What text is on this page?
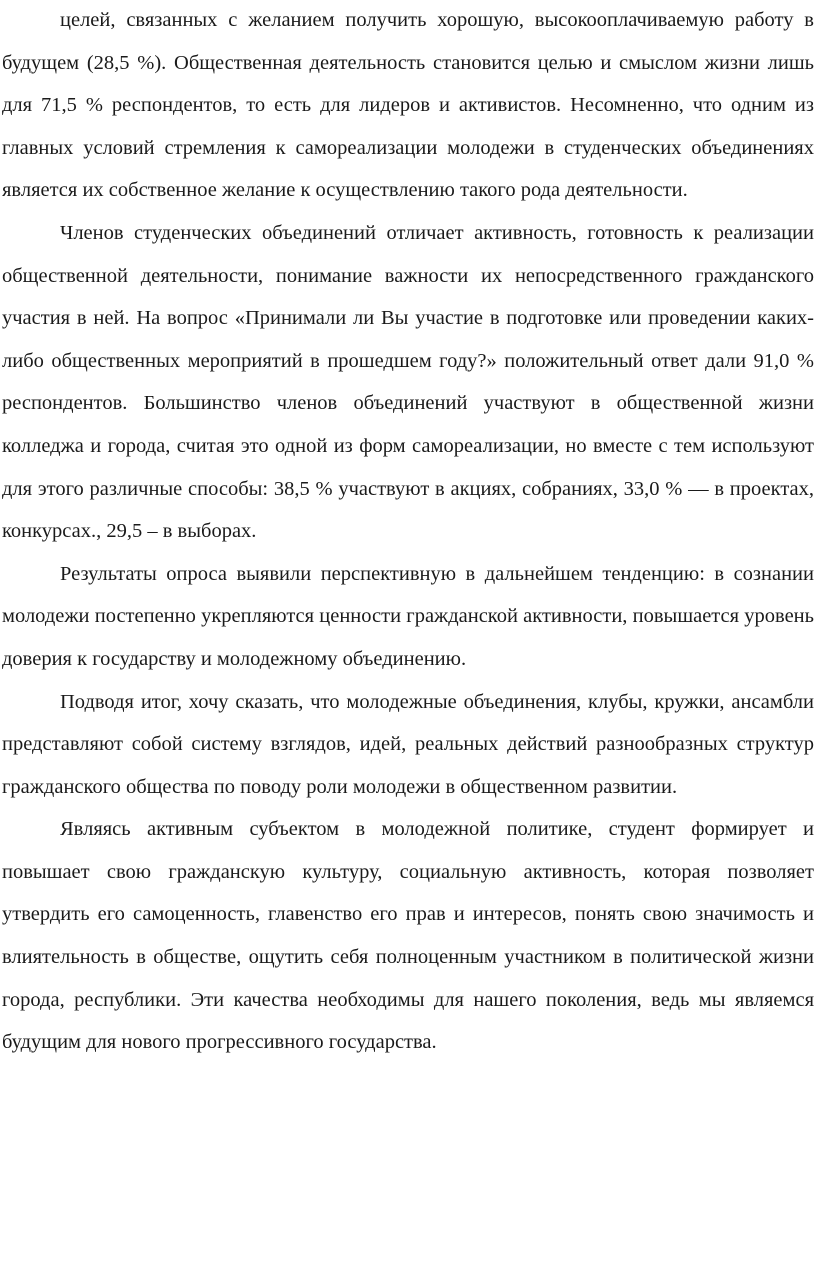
целей, связанных с желанием получить хорошую, высокооплачиваемую работу в будущем (28,5 %). Общественная деятельность становится целью и смыслом жизни лишь для 71,5 % респондентов, то есть для лидеров и активистов. Несомненно, что одним из главных условий стремления к самореализации молодежи в студенческих объединениях является их собственное желание к осуществлению такого рода деятельности.

Членов студенческих объединений отличает активность, готовность к реализации общественной деятельности, понимание важности их непосредственного гражданского участия в ней. На вопрос «Принимали ли Вы участие в подготовке или проведении каких-либо общественных мероприятий в прошедшем году?» положительный ответ дали 91,0 % респондентов. Большинство членов объединений участвуют в общественной жизни колледжа и города, считая это одной из форм самореализации, но вместе с тем используют для этого различные способы: 38,5 % участвуют в акциях, собраниях, 33,0 % — в проектах, конкурсах., 29,5 – в выборах.

Результаты опроса выявили перспективную в дальнейшем тенденцию: в сознании молодежи постепенно укрепляются ценности гражданской активности, повышается уровень доверия к государству и молодежному объединению.

Подводя итог, хочу сказать, что молодежные объединения, клубы, кружки, ансамбли представляют собой систему взглядов, идей, реальных действий разнообразных структур гражданского общества по поводу роли молодежи в общественном развитии.

Являясь активным субъектом в молодежной политике, студент формирует и повышает свою гражданскую культуру, социальную активность, которая позволяет утвердить его самоценность, главенство его прав и интересов, понять свою значимость и влиятельность в обществе, ощутить себя полноценным участником в политической жизни города, республики. Эти качества необходимы для нашего поколения, ведь мы являемся будущим для нового прогрессивного государства.
